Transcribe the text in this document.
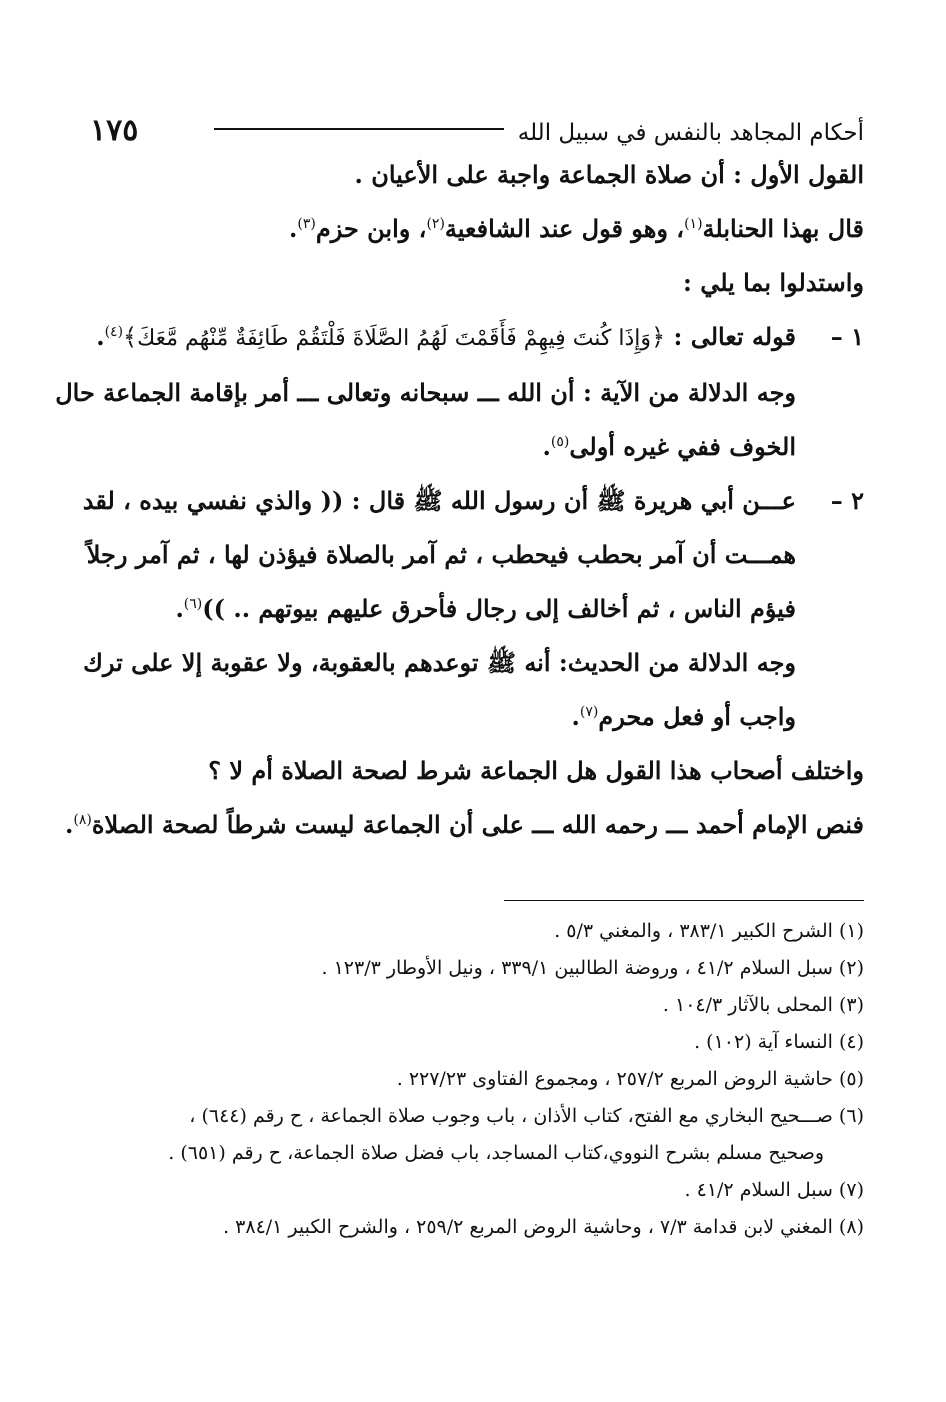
١٧٥	أحكام المجاهد بالنفس في سبيل الله
القول الأول : أن صلاة الجماعة واجبة على الأعيان .
قال بهذا الحنابلة$^{(١)}$، وهو قول عند الشافعية$^{(٢)}$، وابن حزم$^{(٣)}$.
واستدلوا بما يلي :
١ –
قوله تعالى : ﴿وَإِذَا كُنتَ فِيهِمْ فَأَقَمْتَ لَهُمُ الصَّلَاةَ فَلْتَقُمْ طَائِفَةٌ مِّنْهُم مَّعَكَ﴾$^{(٤)}$.
وجه الدلالة من الآية : أن الله ـــ سبحانه وتعالى ـــ أمر بإقامة الجماعة حال
الخوف ففي غيره أولى$^{(٥)}$.
٢ –
عـــن أبي هريرة ﷺ أن رسول الله ﷺ قال : (( والذي نفسي بيده ، لقد
همـــت أن آمر بحطب فيحطب ، ثم آمر بالصلاة فيؤذن لها ، ثم آمر رجلاً
فيؤم الناس ، ثم أخالف إلى رجال فأحرق عليهم بيوتهم .. ))$^{(٦)}$.
وجه الدلالة من الحديث: أنه ﷺ توعدهم بالعقوبة، ولا عقوبة إلا على ترك
واجب أو فعل محرم$^{(٧)}$.
واختلف أصحاب هذا القول هل الجماعة شرط لصحة الصلاة أم لا ؟
فنص الإمام أحمد ـــ رحمه الله ـــ على أن الجماعة ليست شرطاً لصحة الصلاة$^{(٨)}$.
(١) الشرح الكبير ٣٨٣/١ ، والمغني ٥/٣ .
(٢) سبل السلام ٤١/٢ ، وروضة الطالبين ٣٣٩/١ ، ونيل الأوطار ١٢٣/٣ .
(٣) المحلى بالآثار ١٠٤/٣ .
(٤) النساء آية (١٠٢) .
(٥) حاشية الروض المربع ٢٥٧/٢ ، ومجموع الفتاوى ٢٢٧/٢٣ .
(٦) صـــحيح البخاري مع الفتح، كتاب الأذان ، باب وجوب صلاة الجماعة ، ح رقم (٦٤٤) ،
وصحيح مسلم بشرح النووي،كتاب المساجد، باب فضل صلاة الجماعة، ح رقم (٦٥١) .
(٧) سبل السلام ٤١/٢ .
(٨) المغني لابن قدامة ٧/٣ ، وحاشية الروض المربع ٢٥٩/٢ ، والشرح الكبير ٣٨٤/١ .
